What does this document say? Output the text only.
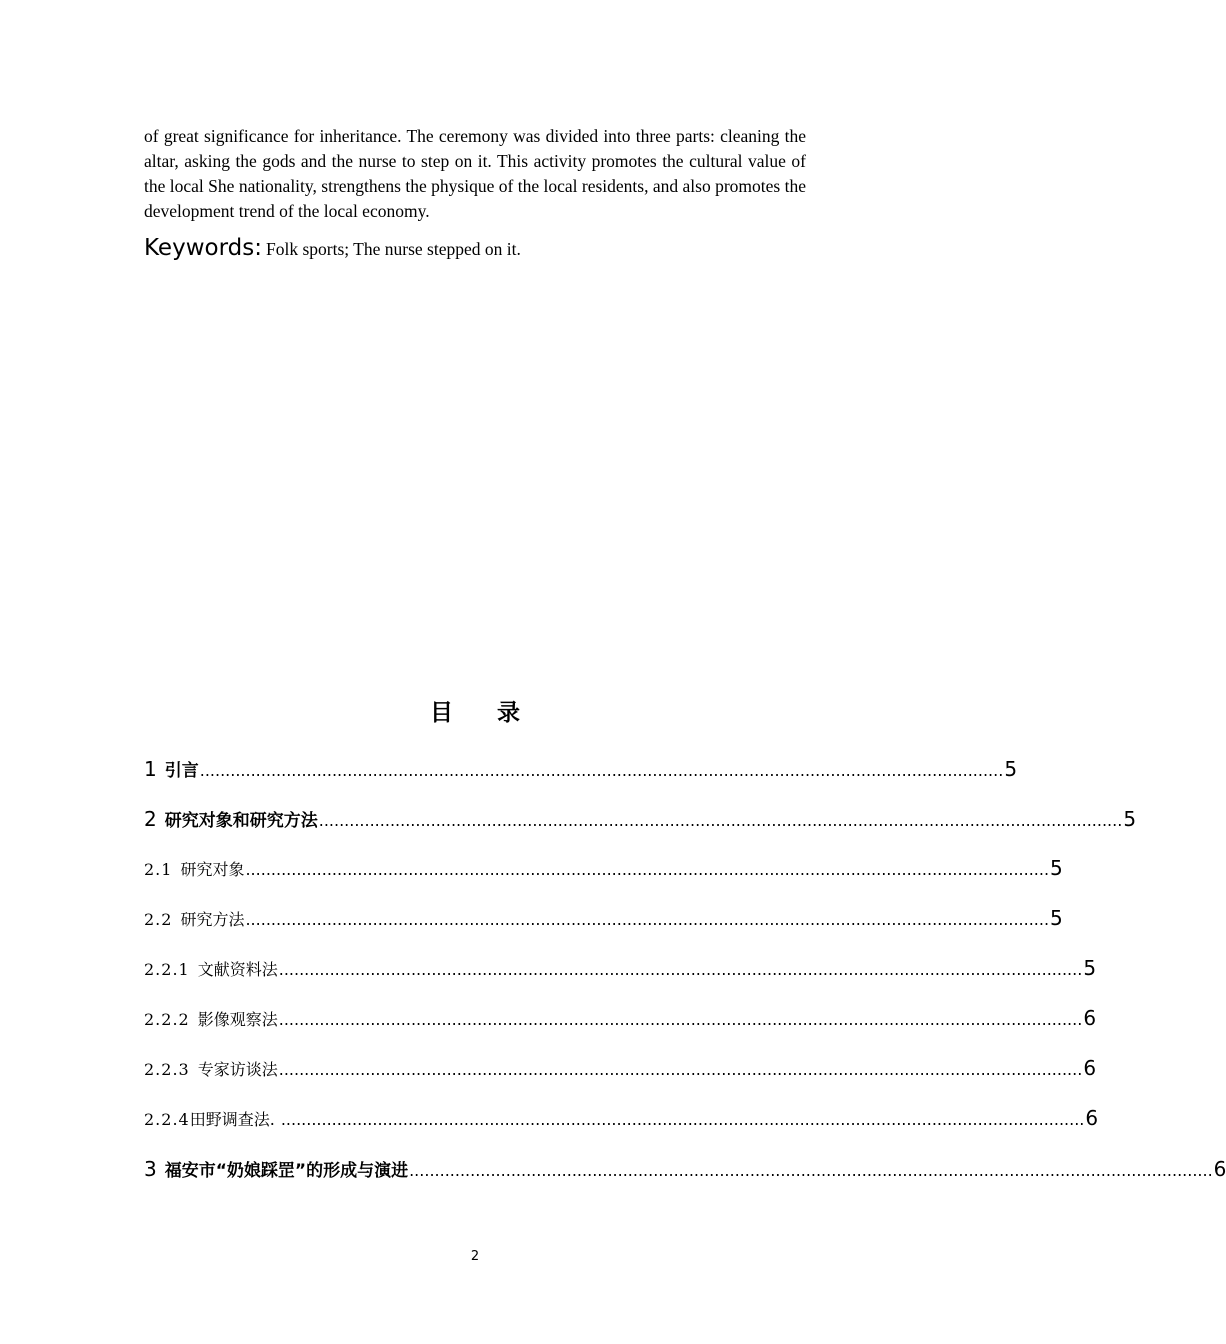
of great significance for inheritance. The ceremony was divided into three parts: cleaning the altar, asking the gods and the nurse to step on it. This activity promotes the cultural value of the local She nationality, strengthens the physique of the local residents, and also promotes the development trend of the local economy.

Keywords: Folk sports; The nurse stepped on it.
目 录
1 引言 .............................................................................................................................................................. 5
2 研究对象和研究方法 .............................................................................................................................................................. 5
2.1 研究对象 .............................................................................................................................................................. 5
2.2 研究方法 .............................................................................................................................................................. 5
2.2.1 文献资料法 .............................................................................................................................................................. 5
2.2.2 影像观察法 .............................................................................................................................................................. 6
2.2.3 专家访谈法 .............................................................................................................................................................. 6
2.2.4田野调查法. .............................................................................................................................................................. 6
3 福安市“奶娘踩罡”的形成与演进 .............................................................................................................................................................. 6
2
